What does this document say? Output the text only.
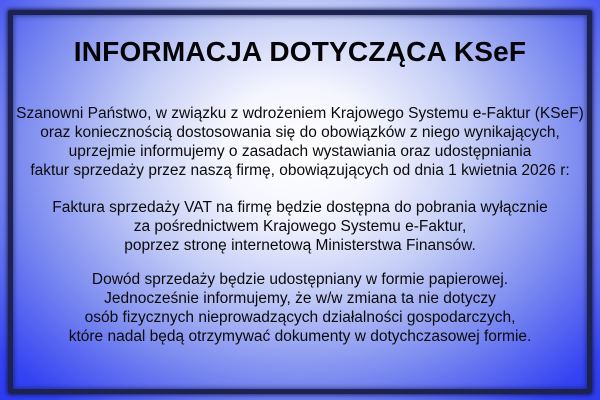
INFORMACJA DOTYCZĄCA KSeF
Szanowni Państwo, w związku z wdrożeniem Krajowego Systemu e-Faktur (KSeF)
oraz koniecznością dostosowania się do obowiązków z niego wynikających,
uprzejmie informujemy o zasadach wystawiania oraz udostępniania
faktur sprzedaży przez naszą firmę, obowiązujących od dnia 1 kwietnia 2026 r:
Faktura sprzedaży VAT na firmę będzie dostępna do pobrania wyłącznie
za pośrednictwem Krajowego Systemu e-Faktur,
poprzez stronę internetową Ministerstwa Finansów.
Dowód sprzedaży będzie udostępniany w formie papierowej.
Jednocześnie informujemy, że w/w zmiana ta nie dotyczy
osób fizycznych nieprowadzących działalności gospodarczych,
które nadal będą otrzymywać dokumenty w dotychczasowej formie.
